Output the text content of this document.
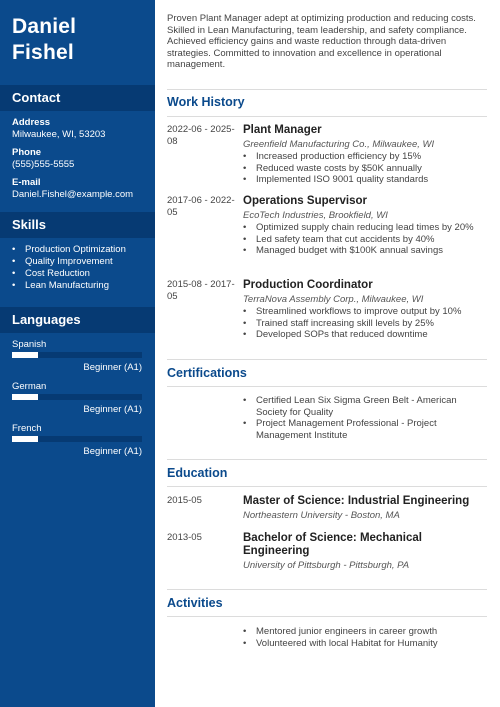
Daniel
Fishel
Contact
Address
Milwaukee, WI, 53203
Phone
(555)555-5555
E-mail
Daniel.Fishel@example.com
Skills
•	Production Optimization
•	Quality Improvement
•	Cost Reduction
•	Lean Manufacturing
Languages
Spanish
Beginner (A1)
German
Beginner (A1)
French
Beginner (A1)
Proven Plant Manager adept at optimizing production and reducing costs. Skilled in Lean Manufacturing, team leadership, and safety compliance. Achieved efficiency gains and waste reduction through data-driven strategies. Committed to innovation and excellence in operational management.
Work History
2022-06 - 2025-08
Plant Manager
Greenfield Manufacturing Co., Milwaukee, WI
•	Increased production efficiency by 15%
•	Reduced waste costs by $50K annually
•	Implemented ISO 9001 quality standards
2017-06 - 2022-05
Operations Supervisor
EcoTech Industries, Brookfield, WI
•	Optimized supply chain reducing lead times by 20%
•	Led safety team that cut accidents by 40%
•	Managed budget with $100K annual savings
2015-08 - 2017-05
Production Coordinator
TerraNova Assembly Corp., Milwaukee, WI
•	Streamlined workflows to improve output by 10%
•	Trained staff increasing skill levels by 25%
•	Developed SOPs that reduced downtime
Certifications
•	Certified Lean Six Sigma Green Belt - American Society for Quality
•	Project Management Professional - Project Management Institute
Education
2015-05	Master of Science: Industrial Engineering
Northeastern University - Boston, MA
2013-05	Bachelor of Science: Mechanical Engineering
University of Pittsburgh - Pittsburgh, PA
Activities
•	Mentored junior engineers in career growth
•	Volunteered with local Habitat for Humanity
